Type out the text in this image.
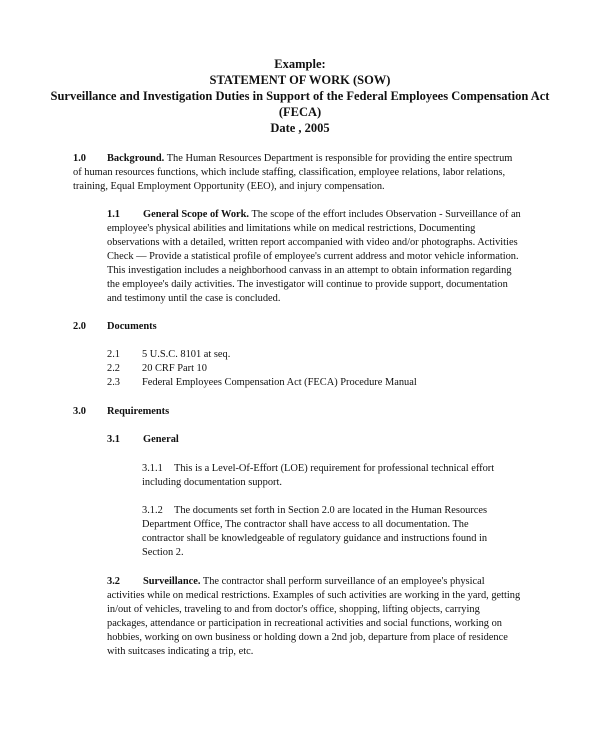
Example:
STATEMENT OF WORK (SOW)
Surveillance and Investigation Duties in Support of the Federal Employees Compensation Act
(FECA)
Date , 2005
1.0 Background. The Human Resources Department is responsible for providing the entire spectrum
of human resources functions, which include staffing, classification, employee relations, labor relations,
training, Equal Employment Opportunity (EEO), and injury compensation.
1.1 General Scope of Work. The scope of the effort includes Observation - Surveillance of an
employee's physical abilities and limitations while on medical restrictions, Documenting
observations with a detailed, written report accompanied with video and/or photographs. Activities
Check — Provide a statistical profile of employee's current address and motor vehicle information.
This investigation includes a neighborhood canvass in an attempt to obtain information regarding
the employee's daily activities. The investigator will continue to provide support, documentation
and testimony until the case is concluded.
2.0 Documents
2.1 5 U.S.C. 8101 at seq.
2.2 20 CRF Part 10
2.3 Federal Employees Compensation Act (FECA) Procedure Manual
3.0 Requirements
3.1 General
3.1.1 This is a Level-Of-Effort (LOE) requirement for professional technical effort
including documentation support.
3.1.2 The documents set forth in Section 2.0 are located in the Human Resources
Department Office, The contractor shall have access to all documentation. The
contractor shall be knowledgeable of regulatory guidance and instructions found in
Section 2.
3.2 Surveillance. The contractor shall perform surveillance of an employee's physical
activities while on medical restrictions. Examples of such activities are working in the yard, getting
in/out of vehicles, traveling to and from doctor's office, shopping, lifting objects, carrying
packages, attendance or participation in recreational activities and social functions, working on
hobbies, working on own business or holding down a 2nd job, departure from place of residence
with suitcases indicating a trip, etc.
